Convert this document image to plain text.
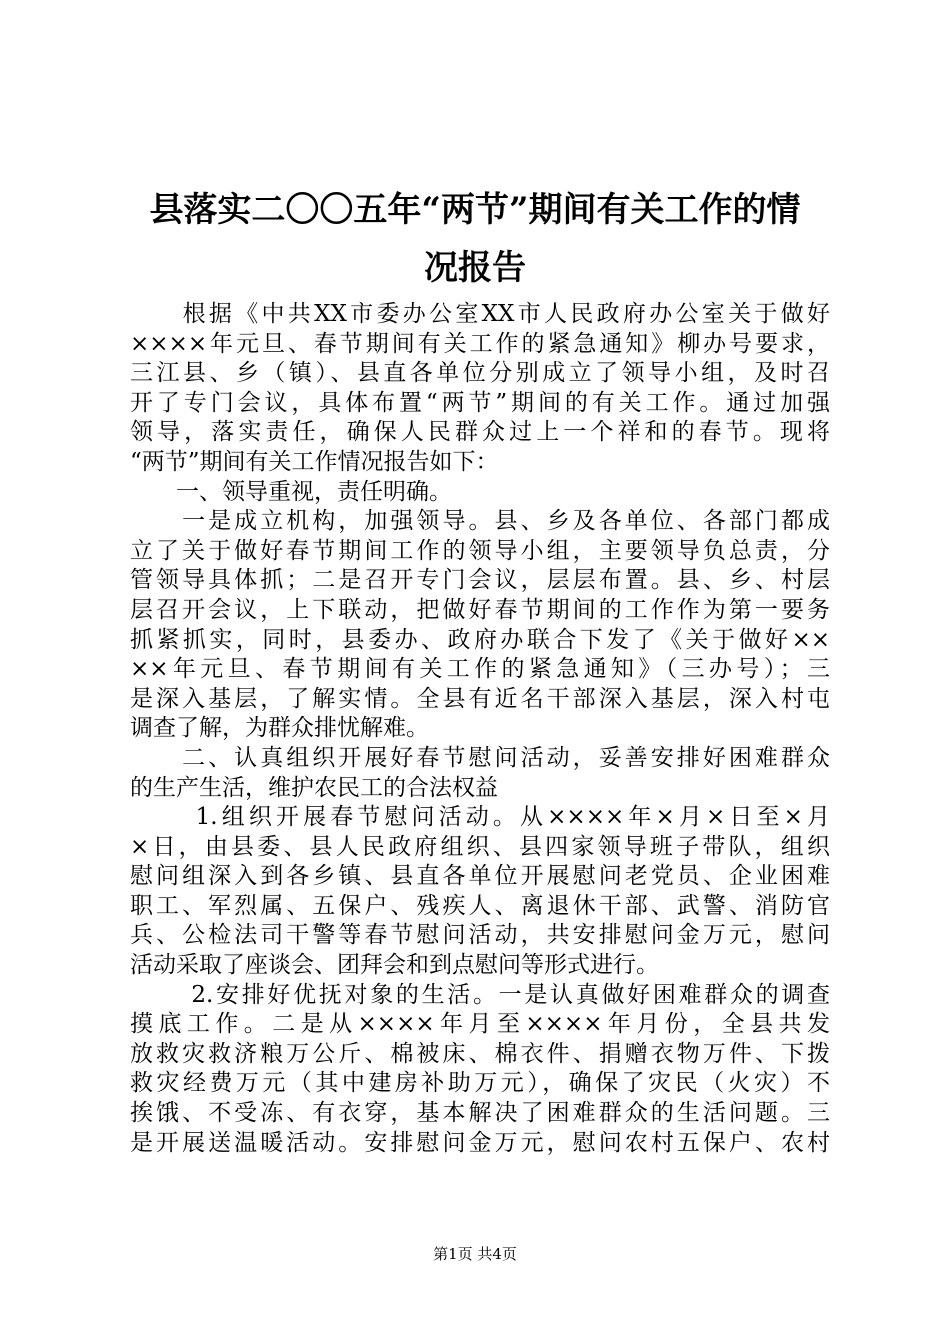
县落实二〇〇五年“两节”期间有关工作的情
况报告
　　根据《中共XX市委办公室XX市人民政府办公室关于做好
××××年元旦、春节期间有关工作的紧急通知》柳办号要求，
三江县、乡（镇）、县直各单位分别成立了领导小组，及时召
开了专门会议，具体布置“两节”期间的有关工作。通过加强
领导，落实责任，确保人民群众过上一个祥和的春节。现将
“两节”期间有关工作情况报告如下：
　　一、领导重视，责任明确。
　　一是成立机构，加强领导。县、乡及各单位、各部门都成
立了关于做好春节期间工作的领导小组，主要领导负总责，分
管领导具体抓；二是召开专门会议，层层布置。县、乡、村层
层召开会议，上下联动，把做好春节期间的工作作为第一要务
抓紧抓实，同时，县委办、政府办联合下发了《关于做好××
××年元旦、春节期间有关工作的紧急通知》（三办号）；三
是深入基层，了解实情。全县有近名干部深入基层，深入村屯
调查了解，为群众排忧解难。
　　二、认真组织开展好春节慰问活动，妥善安排好困难群众
的生产生活，维护农民工的合法权益
　　 1.组织开展春节慰问活动。从××××年×月×日至×月
×日，由县委、县人民政府组织、县四家领导班子带队，组织
慰问组深入到各乡镇、县直各单位开展慰问老党员、企业困难
职工、军烈属、五保户、残疾人、离退休干部、武警、消防官
兵、公检法司干警等春节慰问活动，共安排慰问金万元，慰问
活动采取了座谈会、团拜会和到点慰问等形式进行。
　　 2.安排好优抚对象的生活。一是认真做好困难群众的调查
摸底工作。二是从××××年月至××××年月份，全县共发
放救灾救济粮万公斤、棉被床、棉衣件、捐赠衣物万件、下拨
救灾经费万元（其中建房补助万元），确保了灾民（火灾）不
挨饿、不受冻、有衣穿，基本解决了困难群众的生活问题。三
是开展送温暖活动。安排慰问金万元，慰问农村五保户、农村
第1页 共4页
